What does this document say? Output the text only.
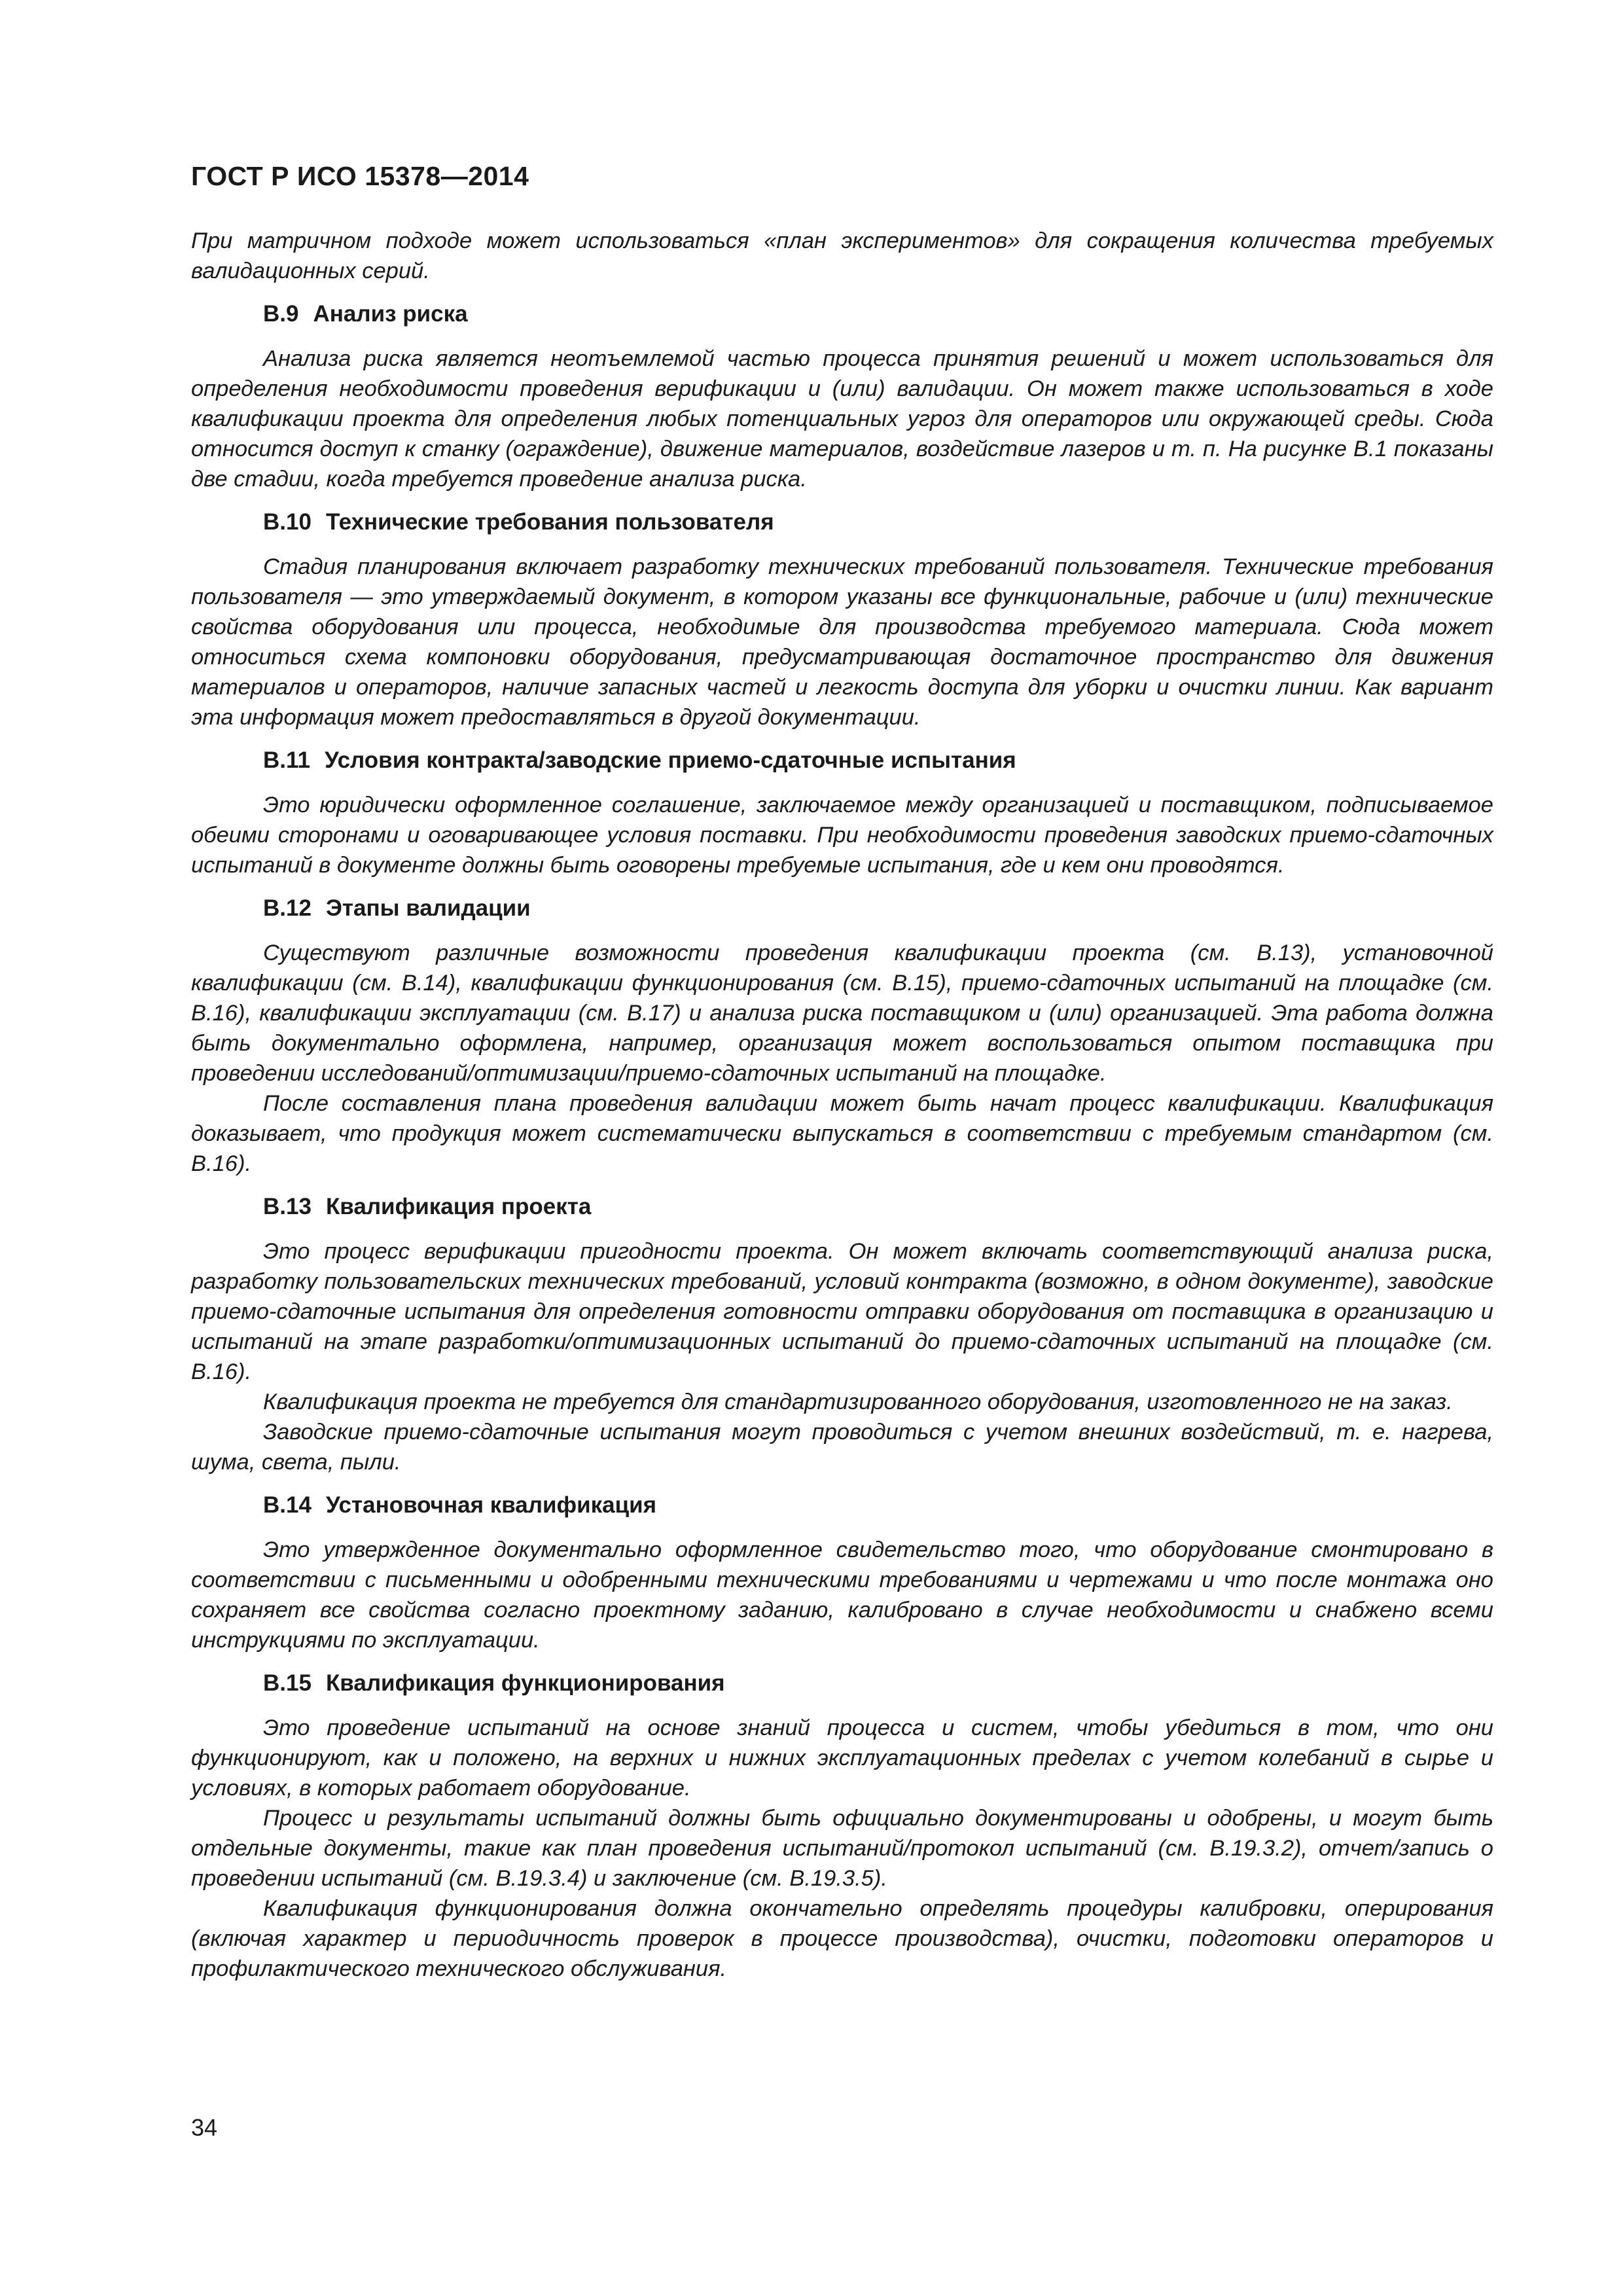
ГОСТ Р ИСО 15378—2014

При матричном подходе может использоваться «план экспериментов» для сокращения количества требуемых валидационных серий.

В.9 Анализ риска

Анализа риска является неотъемлемой частью процесса принятия решений и может использоваться для определения необходимости проведения верификации и (или) валидации. Он может также использоваться в ходе квалификации проекта для определения любых потенциальных угроз для операторов или окружающей среды. Сюда относится доступ к станку (ограждение), движение материалов, воздействие лазеров и т. п. На рисунке В.1 показаны две стадии, когда требуется проведение анализа риска.

В.10 Технические требования пользователя

Стадия планирования включает разработку технических требований пользователя. Технические требования пользователя — это утверждаемый документ, в котором указаны все функциональные, рабочие и (или) технические свойства оборудования или процесса, необходимые для производства требуемого материала. Сюда может относиться схема компоновки оборудования, предусматривающая достаточное пространство для движения материалов и операторов, наличие запасных частей и легкость доступа для уборки и очистки линии. Как вариант эта информация может предоставляться в другой документации.

В.11 Условия контракта/заводские приемо-сдаточные испытания

Это юридически оформленное соглашение, заключаемое между организацией и поставщиком, подписываемое обеими сторонами и оговаривающее условия поставки. При необходимости проведения заводских приемо-сдаточных испытаний в документе должны быть оговорены требуемые испытания, где и кем они проводятся.

В.12 Этапы валидации

Существуют различные возможности проведения квалификации проекта (см. В.13), установочной квалификации (см. В.14), квалификации функционирования (см. В.15), приемо-сдаточных испытаний на площадке (см. В.16), квалификации эксплуатации (см. В.17) и анализа риска поставщиком и (или) организацией. Эта работа должна быть документально оформлена, например, организация может воспользоваться опытом поставщика при проведении исследований/оптимизации/приемо-сдаточных испытаний на площадке.

После составления плана проведения валидации может быть начат процесс квалификации. Квалификация доказывает, что продукция может систематически выпускаться в соответствии с требуемым стандартом (см. В.16).

В.13 Квалификация проекта

Это процесс верификации пригодности проекта. Он может включать соответствующий анализа риска, разработку пользовательских технических требований, условий контракта (возможно, в одном документе), заводские приемо-сдаточные испытания для определения готовности отправки оборудования от поставщика в организацию и испытаний на этапе разработки/оптимизационных испытаний до приемо-сдаточных испытаний на площадке (см. В.16).

Квалификация проекта не требуется для стандартизированного оборудования, изготовленного не на заказ.

Заводские приемо-сдаточные испытания могут проводиться с учетом внешних воздействий, т. е. нагрева, шума, света, пыли.

В.14 Установочная квалификация

Это утвержденное документально оформленное свидетельство того, что оборудование смонтировано в соответствии с письменными и одобренными техническими требованиями и чертежами и что после монтажа оно сохраняет все свойства согласно проектному заданию, калибровано в случае необходимости и снабжено всеми инструкциями по эксплуатации.

В.15 Квалификация функционирования

Это проведение испытаний на основе знаний процесса и систем, чтобы убедиться в том, что они функционируют, как и положено, на верхних и нижних эксплуатационных пределах с учетом колебаний в сырье и условиях, в которых работает оборудование.

Процесс и результаты испытаний должны быть официально документированы и одобрены, и могут быть отдельные документы, такие как план проведения испытаний/протокол испытаний (см. В.19.3.2), отчет/запись о проведении испытаний (см. В.19.3.4) и заключение (см. В.19.3.5).

Квалификация функционирования должна окончательно определять процедуры калибровки, оперирования (включая характер и периодичность проверок в процессе производства), очистки, подготовки операторов и профилактического технического обслуживания.

34
